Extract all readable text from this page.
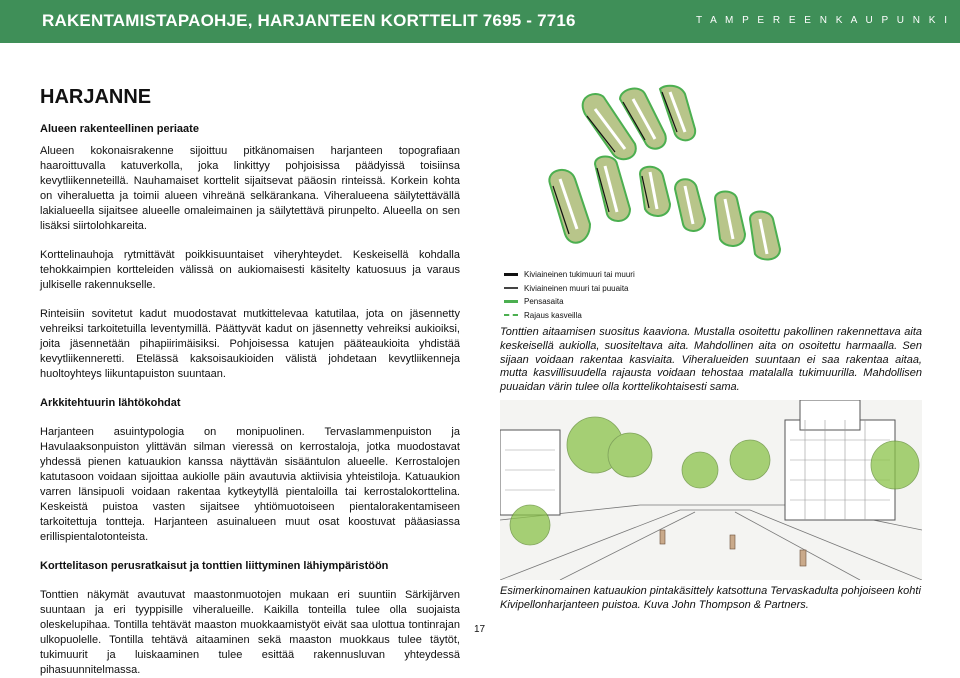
RAKENTAMISTAPAOHJE, HARJANTEEN KORTTELIT 7695 - 7716	T A M P E R E E N K A U P U N K I
HARJANNE
Alueen rakenteellinen periaate

Alueen kokonaisrakenne sijoittuu pitkänomaisen harjanteen topografiaan haaroittuvalla katuverkolla, joka linkittyy pohjoisissa päädyissä toisiinsa kevytliikenneteillä. Nauhamaiset korttelit sijaitsevat pääosin rinteissä. Korkein kohta on viheraluetta ja toimii alueen vihreänä selkärankana. Viheralueena säilytettävällä lakialueella sijaitsee alueelle omaleimainen ja säilytettävä pirunpelto. Alueella on sen lisäksi siirtolohkareita.

Korttelinauhoja rytmittävät poikkisuuntaiset viheryhteydet. Keskeisellä kohdalla tehokkaimpien kortteleiden välissä on aukiomaisesti käsitelty katuosuus ja varaus julkiselle rakennukselle.

Rinteisiin sovitetut kadut muodostavat mutkittelevaa katutilaa, jota on jäsennetty vehreiksi tarkoitetuilla leventymillä. Päättyvät kadut on jäsennetty vehreiksi aukioiksi, joita jäsennetään pihapiirimäisiksi. Pohjoisessa katujen pääteaukioita yhdistää kevytliikenneretti. Etelässä kaksoisaukioiden välistä johdetaan kevytliikenneja huoltoyhteys liikuntapuiston suuntaan.

Arkkitehtuurin lähtökohdat

Harjanteen asuintypologia on monipuolinen. Tervaslammenpuiston ja Havulaaksonpuiston ylittävän silman vieressä on kerrostaloja, jotka muodostavat yhdessä pienen katuaukion kanssa näyttävän sisääntulon alueelle. Kerrostalojen katutasoon voidaan sijoittaa aukiolle päin avautuvia aktiivisia yhteistiloja. Katuaukion varren länsipuoli voidaan rakentaa kytkeytyllä pientaloilla tai kerrostalokorttelina. Keskeistä puistoa vasten sijaitsee yhtiömuotoiseen pientalorakentamiseen tarkoitettuja tontteja. Harjanteen asuinalueen muut osat koostuvat pääasiassa erillispientalotonteista.

Korttelitason perusratkaisut ja tonttien liittyminen lähiympäristöön

Tonttien näkymät avautuvat maastonmuotojen mukaan eri suuntiin Särkijärven suuntaan ja eri tyyppisille viheralueille. Kaikilla tonteilla tulee olla suojaista oleskelupihaa. Tontilla tehtävät maaston muokkaamistyöt eivät saa ulottua tontinrajan ulkopuolelle. Tontilla tehtävä aitaaminen sekä maaston muokkaus tulee täytöt, tukimuurit ja luiskaaminen tulee esittää rakennusluvan yhteydessä pihasuunnitelmassa.

Kiviaineinen tukimuuri tai muuri
Kiviaineinen muuri tai puuaita
Pensasaita
Rajaus kasveilla
Tonttien aitaamisen suositus kaaviona. Mustalla osoitettu pakollinen rakennettava aita keskeisellä aukiolla, suositeltava aita. Mahdollinen aita on osoitettu harmaalla. Sen sijaan voidaan rakentaa kasviaita. Viheralueiden suuntaan ei saa rakentaa aitaa, mutta kasvillisuudella rajausta voidaan tehostaa matalalla tukimuurilla. Mahdollisen puuaidan värin tulee olla korttelikohtaisesti sama.
Esimerkinomainen katuaukion pintakäsittely katsottuna Tervaskadulta pohjoiseen kohti Kivipellonharjanteen puistoa. Kuva John Thompson & Partners.
17
